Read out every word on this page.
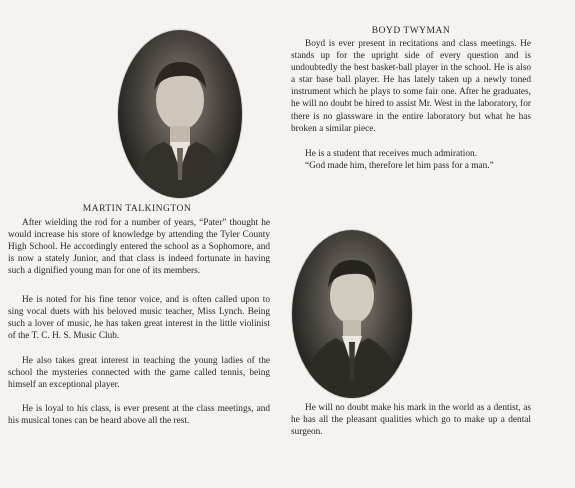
MARTIN TALKINGTON

After wielding the rod for a number of years, “Pater” thought he would increase his store of knowledge by attending the Tyler County High School. He accordingly entered the school as a Sophomore, and is now a stately Junior, and that class is indeed fortunate in having such a dignified young man for one of its members.

He is noted for his fine tenor voice, and is often called upon to sing vocal duets with his beloved music teacher, Miss Lynch. Being such a lover of music, he has taken great interest in the little violinist of the T. C. H. S. Music Club.

He also takes great interest in teaching the young ladies of the school the mysteries connected with the game called tennis, being himself an exceptional player.

He is loyal to his class, is ever present at the class meetings, and his musical tones can be heard above all the rest.

BOYD TWYMAN

Boyd is ever present in recitations and class meetings. He stands up for the upright side of every question and is undoubtedly the best basket-ball player in the school. He is also a star base ball player. He has lately taken up a newly toned instrument which he plays to some fair one. After he graduates, he will no doubt be hired to assist Mr. West in the laboratory, for there is no glassware in the entire laboratory but what he has broken a similar piece.

He is a student that receives much admiration.

“God made him, therefore let him pass for a man.”

He will no doubt make his mark in the world as a dentist, as he has all the pleasant qualities which go to make up a dental surgeon.
